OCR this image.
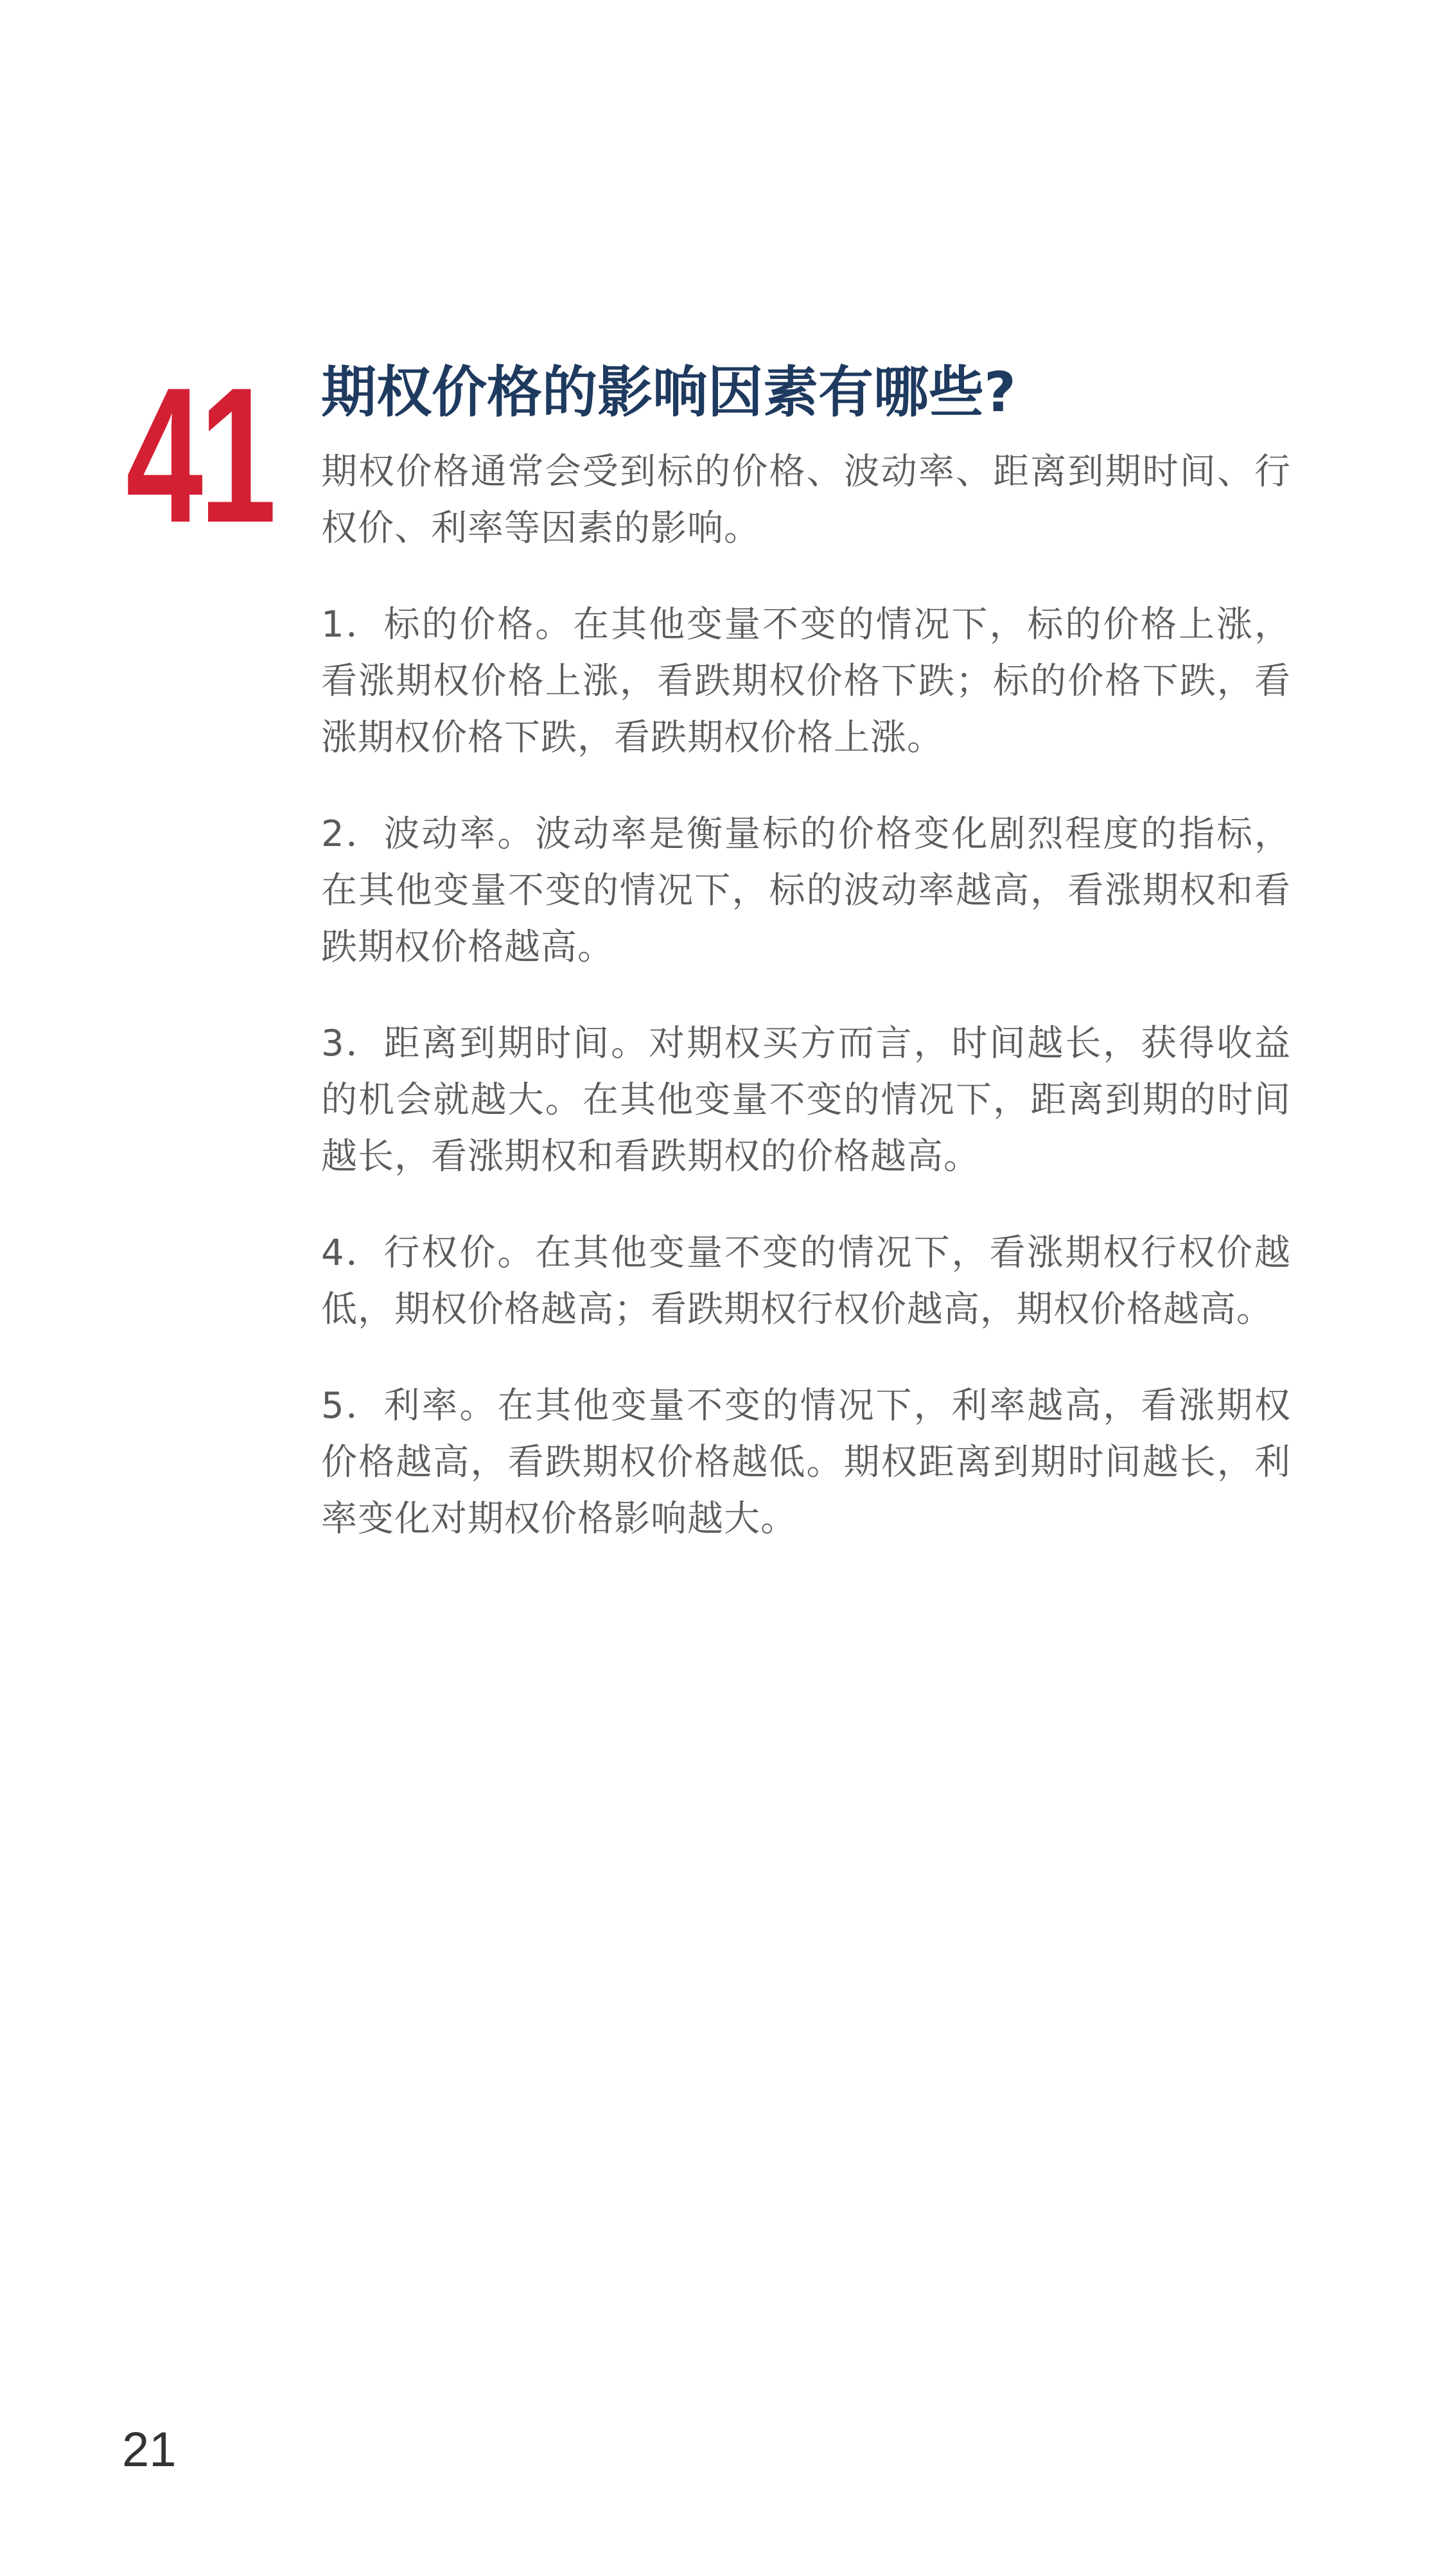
41 期权价格的影响因素有哪些?

期权价格通常会受到标的价格、波动率、距离到期时间、行权价、利率等因素的影响。

1．标的价格。在其他变量不变的情况下，标的价格上涨，看涨期权价格上涨，看跌期权价格下跌；标的价格下跌，看涨期权价格下跌，看跌期权价格上涨。

2．波动率。波动率是衡量标的价格变化剧烈程度的指标，在其他变量不变的情况下，标的波动率越高，看涨期权和看跌期权价格越高。

3．距离到期时间。对期权买方而言，时间越长，获得收益的机会就越大。在其他变量不变的情况下，距离到期的时间越长，看涨期权和看跌期权的价格越高。

4．行权价。在其他变量不变的情况下，看涨期权行权价越低，期权价格越高；看跌期权行权价越高，期权价格越高。

5．利率。在其他变量不变的情况下，利率越高，看涨期权价格越高，看跌期权价格越低。期权距离到期时间越长，利率变化对期权价格影响越大。

21
